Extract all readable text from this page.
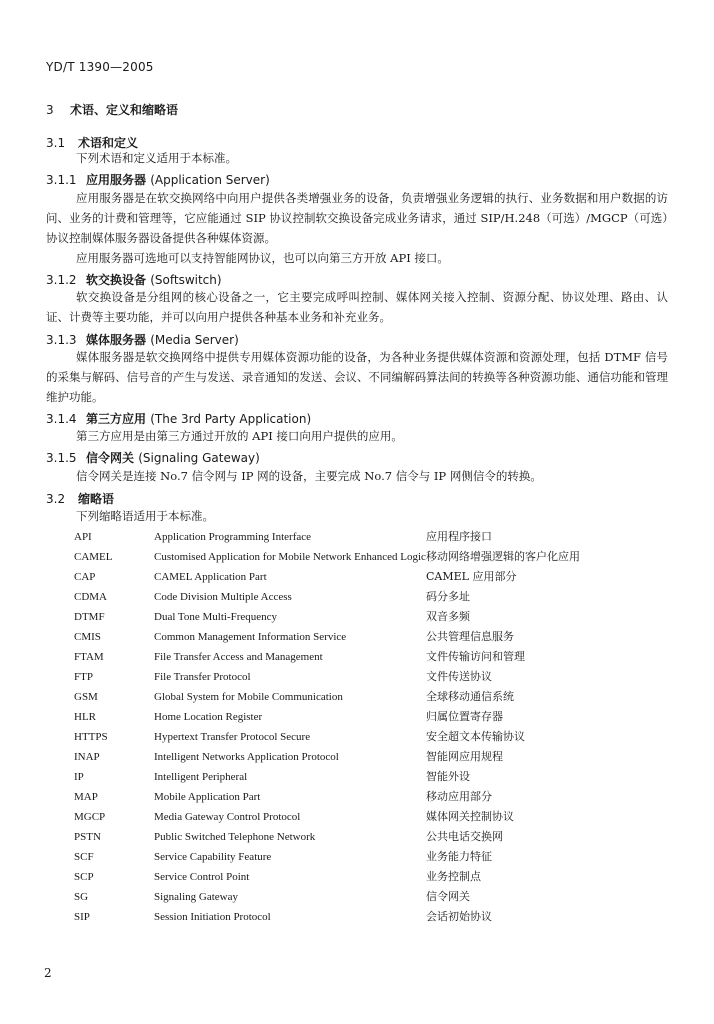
YD/T 1390—2005
3 术语、定义和缩略语
3.1 术语和定义
下列术语和定义适用于本标准。
3.1.1 应用服务器 (Application Server)
应用服务器是在软交换网络中向用户提供各类增强业务的设备，负责增强业务逻辑的执行、业务数据和用户数据的访问、业务的计费和管理等，它应能通过 SIP 协议控制软交换设备完成业务请求，通过 SIP/H.248（可选）/MGCP（可选）协议控制媒体服务器设备提供各种媒体资源。
应用服务器可选地可以支持智能网协议，也可以向第三方开放 API 接口。
3.1.2 软交换设备 (Softswitch)
软交换设备是分组网的核心设备之一，它主要完成呼叫控制、媒体网关接入控制、资源分配、协议处理、路由、认证、计费等主要功能，并可以向用户提供各种基本业务和补充业务。
3.1.3 媒体服务器 (Media Server)
媒体服务器是软交换网络中提供专用媒体资源功能的设备，为各种业务提供媒体资源和资源处理，包括 DTMF 信号的采集与解码、信号音的产生与发送、录音通知的发送、会议、不同编解码算法间的转换等各种资源功能、通信功能和管理维护功能。
3.1.4 第三方应用 (The 3rd Party Application)
第三方应用是由第三方通过开放的 API 接口向用户提供的应用。
3.1.5 信令网关 (Signaling Gateway)
信令网关是连接 No.7 信令网与 IP 网的设备，主要完成 No.7 信令与 IP 网侧信令的转换。
3.2 缩略语
下列缩略语适用于本标准。
API	Application Programming Interface	应用程序接口
CAMEL	Customised Application for Mobile Network Enhanced Logic	移动网络增强逻辑的客户化应用
CAP	CAMEL Application Part	CAMEL 应用部分
CDMA	Code Division Multiple Access	码分多址
DTMF	Dual Tone Multi-Frequency	双音多频
CMIS	Common Management Information Service	公共管理信息服务
FTAM	File Transfer Access and Management	文件传输访问和管理
FTP	File Transfer Protocol	文件传送协议
GSM	Global System for Mobile Communication	全球移动通信系统
HLR	Home Location Register	归属位置寄存器
HTTPS	Hypertext Transfer Protocol Secure	安全超文本传输协议
INAP	Intelligent Networks Application Protocol	智能网应用规程
IP	Intelligent Peripheral	智能外设
MAP	Mobile Application Part	移动应用部分
MGCP	Media Gateway Control Protocol	媒体网关控制协议
PSTN	Public Switched Telephone Network	公共电话交换网
SCF	Service Capability Feature	业务能力特征
SCP	Service Control Point	业务控制点
SG	Signaling Gateway	信令网关
SIP	Session Initiation Protocol	会话初始协议
2
